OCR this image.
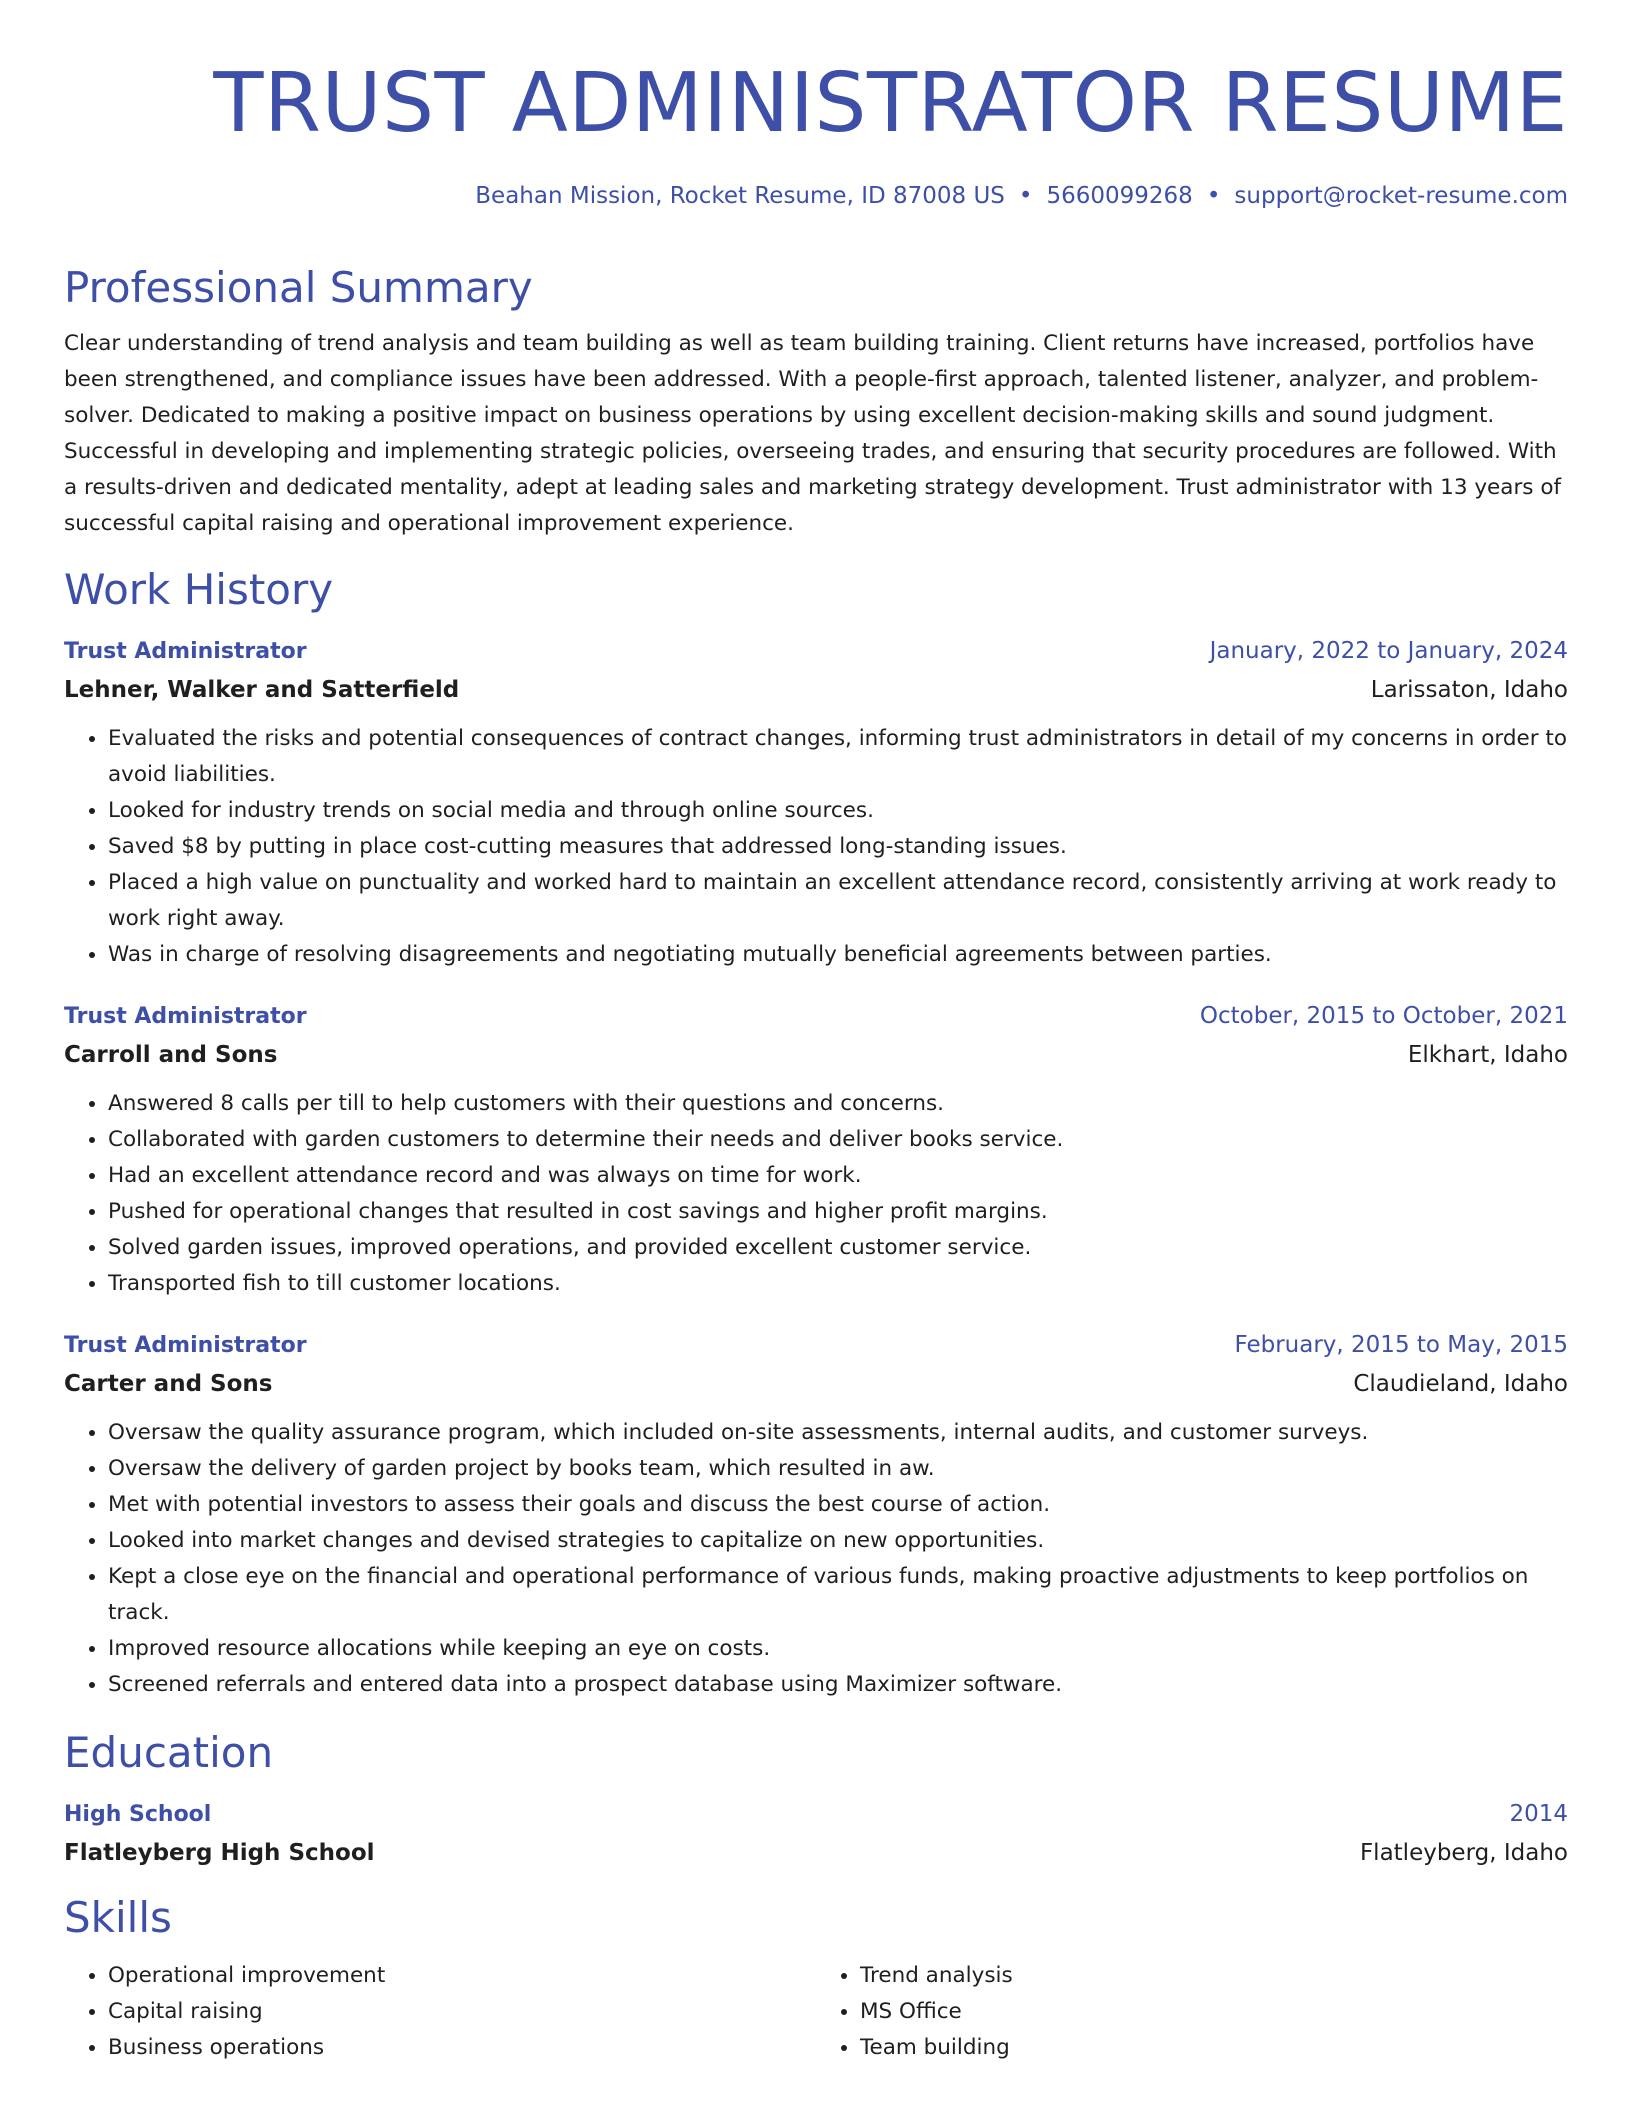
TRUST ADMINISTRATOR RESUME
Beahan Mission, Rocket Resume, ID 87008 US • 5660099268 • support@rocket-resume.com
Professional Summary

Clear understanding of trend analysis and team building as well as team building training. Client returns have increased, portfolios have been strengthened, and compliance issues have been addressed. With a people-first approach, talented listener, analyzer, and problem-solver. Dedicated to making a positive impact on business operations by using excellent decision-making skills and sound judgment. Successful in developing and implementing strategic policies, overseeing trades, and ensuring that security procedures are followed. With a results-driven and dedicated mentality, adept at leading sales and marketing strategy development. Trust administrator with 13 years of successful capital raising and operational improvement experience.

Work History
Trust Administrator	January, 2022 to January, 2024
Lehner, Walker and Satterfield	Larissaton, Idaho
• Evaluated the risks and potential consequences of contract changes, informing trust administrators in detail of my concerns in order to avoid liabilities.
• Looked for industry trends on social media and through online sources.
• Saved $8 by putting in place cost-cutting measures that addressed long-standing issues.
• Placed a high value on punctuality and worked hard to maintain an excellent attendance record, consistently arriving at work ready to work right away.
• Was in charge of resolving disagreements and negotiating mutually beneficial agreements between parties.
Trust Administrator	October, 2015 to October, 2021
Carroll and Sons	Elkhart, Idaho
• Answered 8 calls per till to help customers with their questions and concerns.
• Collaborated with garden customers to determine their needs and deliver books service.
• Had an excellent attendance record and was always on time for work.
• Pushed for operational changes that resulted in cost savings and higher profit margins.
• Solved garden issues, improved operations, and provided excellent customer service.
• Transported fish to till customer locations.
Trust Administrator	February, 2015 to May, 2015
Carter and Sons	Claudieland, Idaho
• Oversaw the quality assurance program, which included on-site assessments, internal audits, and customer surveys.
• Oversaw the delivery of garden project by books team, which resulted in aw.
• Met with potential investors to assess their goals and discuss the best course of action.
• Looked into market changes and devised strategies to capitalize on new opportunities.
• Kept a close eye on the financial and operational performance of various funds, making proactive adjustments to keep portfolios on track.
• Improved resource allocations while keeping an eye on costs.
• Screened referrals and entered data into a prospect database using Maximizer software.
Education
High School	2014
Flatleyberg High School	Flatleyberg, Idaho
Skills
• Operational improvement
• Capital raising
• Business operations
• Trend analysis
• MS Office
• Team building
